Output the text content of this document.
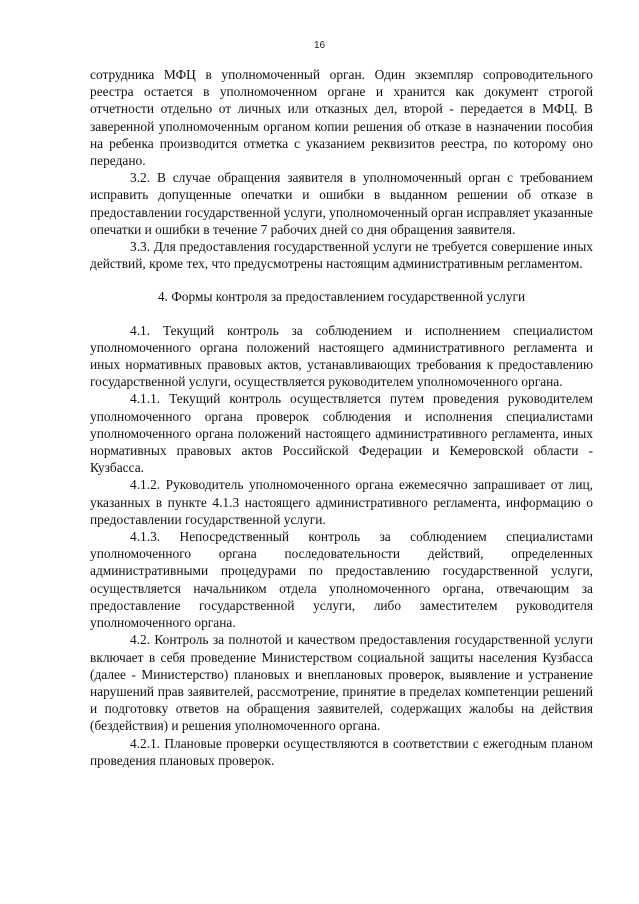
16

сотрудника МФЦ в уполномоченный орган. Один экземпляр сопроводительного реестра остается в уполномоченном органе и хранится как документ строгой отчетности отдельно от личных или отказных дел, второй - передается в МФЦ. В заверенной уполномоченным органом копии решения об отказе в назначении пособия на ребенка производится отметка с указанием реквизитов реестра, по которому оно передано.

3.2. В случае обращения заявителя в уполномоченный орган с требованием исправить допущенные опечатки и ошибки в выданном решении об отказе в предоставлении государственной услуги, уполномоченный орган исправляет указанные опечатки и ошибки в течение 7 рабочих дней со дня обращения заявителя.

3.3. Для предоставления государственной услуги не требуется совершение иных действий, кроме тех, что предусмотрены настоящим административным регламентом.

4. Формы контроля за предоставлением государственной услуги

4.1. Текущий контроль за соблюдением и исполнением специалистом уполномоченного органа положений настоящего административного регламента и иных нормативных правовых актов, устанавливающих требования к предоставлению государственной услуги, осуществляется руководителем уполномоченного органа.

4.1.1. Текущий контроль осуществляется путем проведения руководителем уполномоченного органа проверок соблюдения и исполнения специалистами уполномоченного органа положений настоящего административного регламента, иных нормативных правовых актов Российской Федерации и Кемеровской области - Кузбасса.

4.1.2. Руководитель уполномоченного органа ежемесячно запрашивает от лиц, указанных в пункте 4.1.3 настоящего административного регламента, информацию о предоставлении государственной услуги.

4.1.3. Непосредственный контроль за соблюдением специалистами уполномоченного органа последовательности действий, определенных административными процедурами по предоставлению государственной услуги, осуществляется начальником отдела уполномоченного органа, отвечающим за предоставление государственной услуги, либо заместителем руководителя уполномоченного органа.

4.2. Контроль за полнотой и качеством предоставления государственной услуги включает в себя проведение Министерством социальной защиты населения Кузбасса (далее - Министерство) плановых и внеплановых проверок, выявление и устранение нарушений прав заявителей, рассмотрение, принятие в пределах компетенции решений и подготовку ответов на обращения заявителей, содержащих жалобы на действия (бездействия) и решения уполномоченного органа.

4.2.1. Плановые проверки осуществляются в соответствии с ежегодным планом проведения плановых проверок.
